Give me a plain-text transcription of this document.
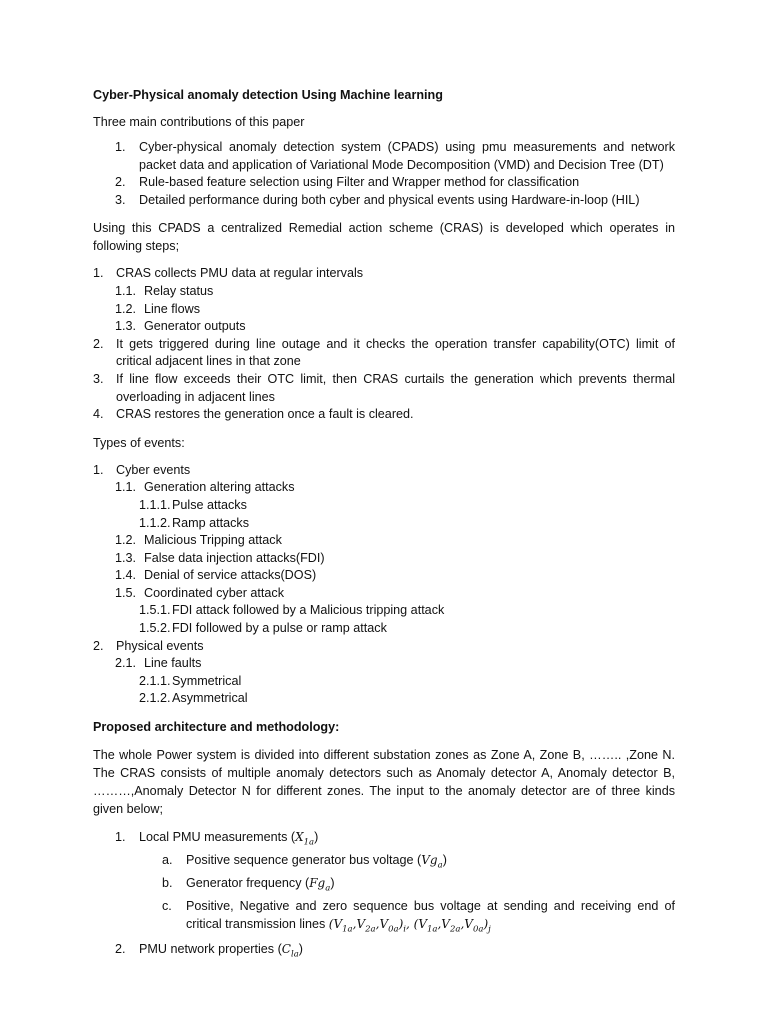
Cyber-Physical anomaly detection Using Machine learning

Three main contributions of this paper

1. Cyber-physical anomaly detection system (CPADS) using pmu measurements and network packet data and application of Variational Mode Decomposition (VMD) and Decision Tree (DT)
2. Rule-based feature selection using Filter and Wrapper method for classification
3. Detailed performance during both cyber and physical events using Hardware-in-loop (HIL)

Using this CPADS a centralized Remedial action scheme (CRAS) is developed which operates in following steps;

1. CRAS collects PMU data at regular intervals
1.1. Relay status
1.2. Line flows
1.3. Generator outputs
2. It gets triggered during line outage and it checks the operation transfer capability(OTC) limit of critical adjacent lines in that zone
3. If line flow exceeds their OTC limit, then CRAS curtails the generation which prevents thermal overloading in adjacent lines
4. CRAS restores the generation once a fault is cleared.

Types of events:

1. Cyber events
1.1. Generation altering attacks
1.1.1. Pulse attacks
1.1.2. Ramp attacks
1.2. Malicious Tripping attack
1.3. False data injection attacks(FDI)
1.4. Denial of service attacks(DOS)
1.5. Coordinated cyber attack
1.5.1. FDI attack followed by a Malicious tripping attack
1.5.2. FDI followed by a pulse or ramp attack
2. Physical events
2.1. Line faults
2.1.1. Symmetrical
2.1.2. Asymmetrical

Proposed architecture and methodology:

The whole Power system is divided into different substation zones as Zone A, Zone B, …….. ,Zone N. The CRAS consists of multiple anomaly detectors such as Anomaly detector A, Anomaly detector B, ………,Anomaly Detector N for different zones. The input to the anomaly detector are of three kinds given below;

1. Local PMU measurements $(X_{1a})$
a. Positive sequence generator bus voltage $(Vg_a)$
b. Generator frequency $(Fg_a)$
c. Positive, Negative and zero sequence bus voltage at sending and receiving end of critical transmission lines $(V_{1a},V_{2a},V_{0a})_i$, $(V_{1a},V_{2a},V_{0a})_j$
2. PMU network properties $(C_{la})$
